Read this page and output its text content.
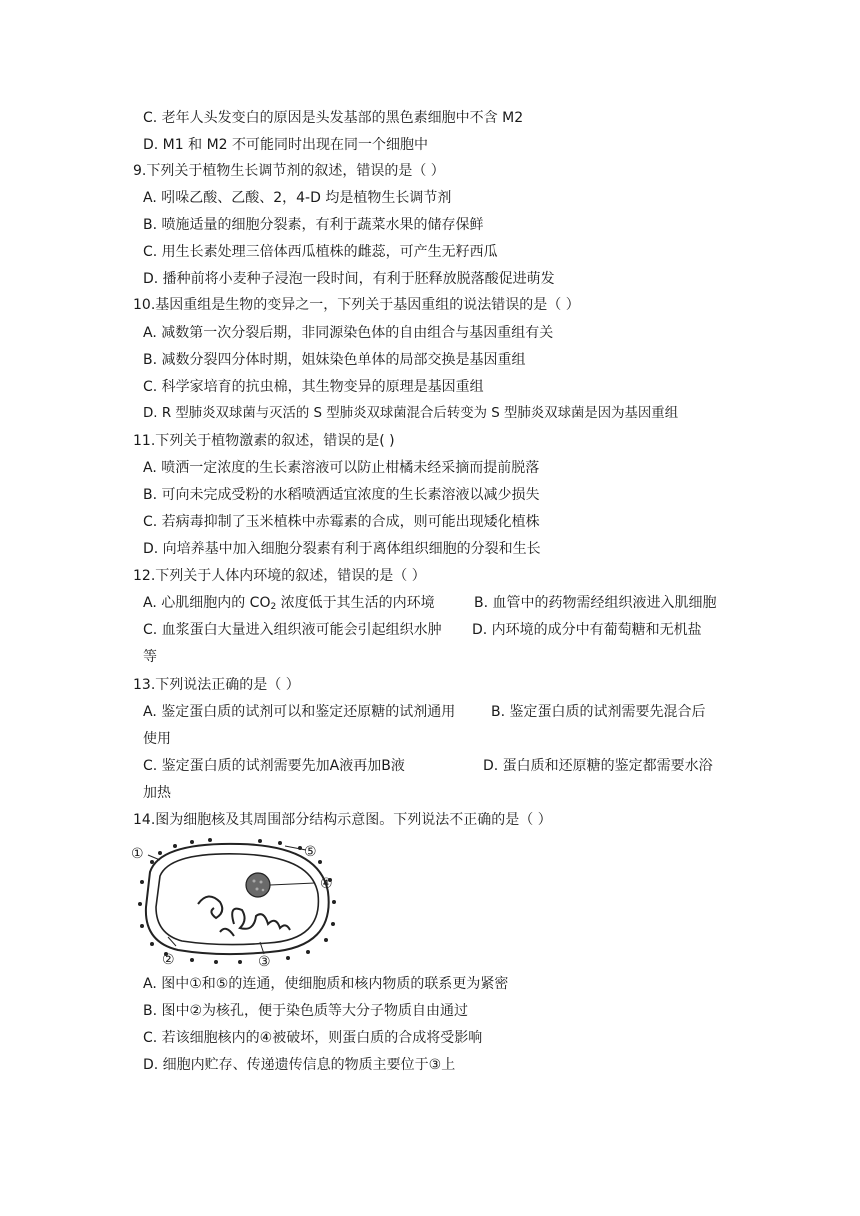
C. 老年人头发变白的原因是头发基部的黑色素细胞中不含 M2
D. M1 和 M2 不可能同时出现在同一个细胞中
9.下列关于植物生长调节剂的叙述，错误的是（ ）
A. 吲哚乙酸、乙酸、2，4-D 均是植物生长调节剂
B. 喷施适量的细胞分裂素，有利于蔬菜水果的储存保鲜
C. 用生长素处理三倍体西瓜植株的雌蕊，可产生无籽西瓜
D. 播种前将小麦种子浸泡一段时间，有利于胚释放脱落酸促进萌发
10.基因重组是生物的变异之一，下列关于基因重组的说法错误的是（ ）
A. 减数第一次分裂后期，非同源染色体的自由组合与基因重组有关
B. 减数分裂四分体时期，姐妹染色单体的局部交换是基因重组
C. 科学家培育的抗虫棉，其生物变异的原理是基因重组
D. R 型肺炎双球菌与灭活的 S 型肺炎双球菌混合后转变为 S 型肺炎双球菌是因为基因重组
11.下列关于植物激素的叙述，错误的是( )
A. 喷洒一定浓度的生长素溶液可以防止柑橘未经采摘而提前脱落
B. 可向未完成受粉的水稻喷洒适宜浓度的生长素溶液以减少损失
C. 若病毒抑制了玉米植株中赤霉素的合成，则可能出现矮化植株
D. 向培养基中加入细胞分裂素有利于离体组织细胞的分裂和生长
12.下列关于人体内环境的叙述，错误的是（ ）
A. 心肌细胞内的 $CO_2$ 浓度低于其生活的内环境	B. 血管中的药物需经组织液进入肌细胞
C. 血浆蛋白大量进入组织液可能会引起组织水肿 D. 内环境的成分中有葡萄糖和无机盐
等
13.下列说法正确的是（ ）
A. 鉴定蛋白质的试剂可以和鉴定还原糖的试剂通用	B. 鉴定蛋白质的试剂需要先混合后
使用
C. 鉴定蛋白质的试剂需要先加A液再加B液	D. 蛋白质和还原糖的鉴定都需要水浴
加热
14.图为细胞核及其周围部分结构示意图。下列说法不正确的是（ ）
①	⑤
④
②	③
A. 图中①和⑤的连通，使细胞质和核内物质的联系更为紧密
B. 图中②为核孔，便于染色质等大分子物质自由通过
C. 若该细胞核内的④被破坏，则蛋白质的合成将受影响
D. 细胞内贮存、传递遗传信息的物质主要位于③上
